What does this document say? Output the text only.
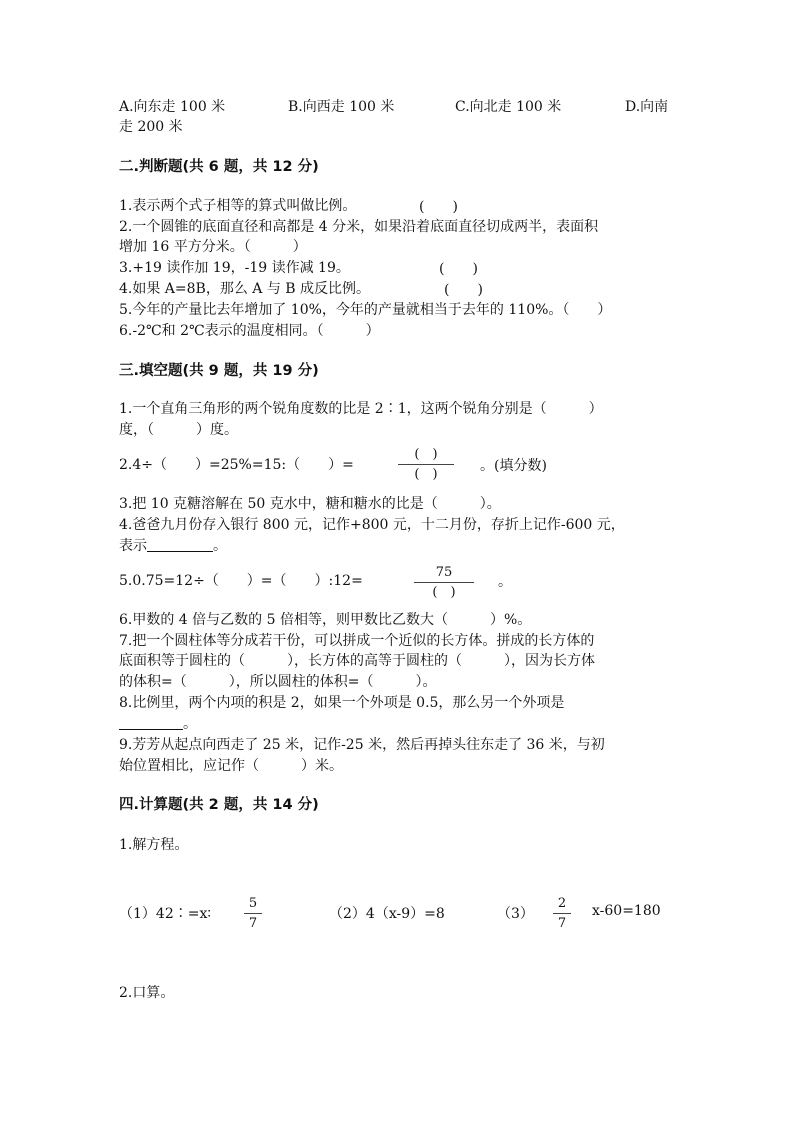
A.向东走 100 米	B.向西走 100 米	C.向北走 100 米	D.向南
走 200 米
二.判断题(共 6 题，共 12 分)
1.表示两个式子相等的算式叫做比例。	(　　)
2.一个圆锥的底面直径和高都是 4 分米，如果沿着底面直径切成两半，表面积
增加 16 平方分米。（　　　）
3.+19 读作加 19，-19 读作减 19。	(　　)
4.如果 A=8B，那么 A 与 B 成反比例。	(　　)
5.今年的产量比去年增加了 10%，今年的产量就相当于去年的 110%。（　　）
6.-2℃和 2℃表示的温度相同。（　　　）
三.填空题(共 9 题，共 19 分)
1.一个直角三角形的两个锐角度数的比是 2∶1，这两个锐角分别是（　　　）
度，（　　　）度。
2.4÷（　　）=25%=15:（　　）=
(　)
(　)
。(填分数)
3.把 10 克糖溶解在 50 克水中，糖和糖水的比是（　　　）。
4.爸爸九月份存入银行 800 元，记作+800 元，十二月份，存折上记作-600 元，
表示	。
5.0.75=12÷（　　）=（　　）:12=
75
(　)
。
6.甲数的 4 倍与乙数的 5 倍相等，则甲数比乙数大（　　　）%。
7.把一个圆柱体等分成若干份，可以拼成一个近似的长方体。拼成的长方体的
底面积等于圆柱的（　　　），长方体的高等于圆柱的（　　　），因为长方体
的体积=（　　　），所以圆柱的体积=（　　　）。
8.比例里，两个内项的积是 2，如果一个外项是 0.5，那么另一个外项是
。
9.芳芳从起点向西走了 25 米，记作-25 米，然后再掉头往东走了 36 米，与初
始位置相比，应记作（　　　）米。
四.计算题(共 2 题，共 14 分)
1.解方程。
（1）42∶=x∶
5
7
（2）4（x-9）=8	（3）
2
7
x-60=180
2.口算。
